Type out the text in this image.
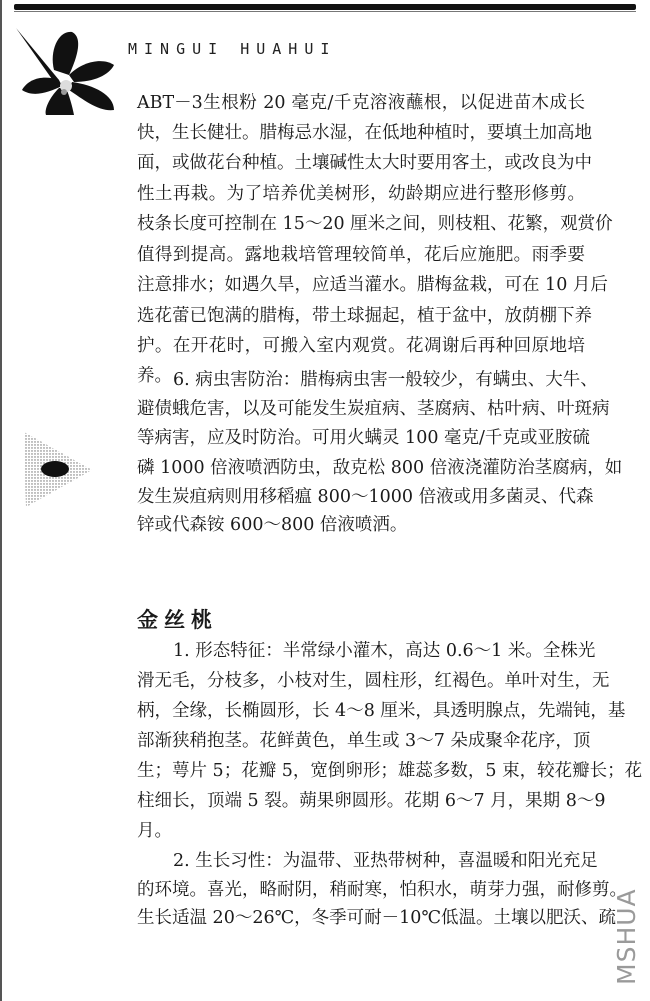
MINGUI HUAHUI
ABT－3生根粉 20 毫克/千克溶液蘸根，以促进苗木成长
快，生长健壮。腊梅忌水湿，在低地种植时，要填土加高地
面，或做花台种植。土壤碱性太大时要用客土，或改良为中
性土再栽。为了培养优美树形，幼龄期应进行整形修剪。
枝条长度可控制在 15～20 厘米之间，则枝粗、花繁，观赏价
值得到提高。露地栽培管理较简单，花后应施肥。雨季要
注意排水；如遇久旱，应适当灌水。腊梅盆栽，可在 10 月后
选花蕾已饱满的腊梅，带土球掘起，植于盆中，放荫棚下养
护。在开花时，可搬入室内观赏。花凋谢后再种回原地培
养。 6. 病虫害防治：腊梅病虫害一般较少，有螨虫、大牛、
避债蛾危害，以及可能发生炭疽病、茎腐病、枯叶病、叶斑病
等病害，应及时防治。可用火螨灵 100 毫克/千克或亚胺硫
磷 1000 倍液喷洒防虫，敌克松 800 倍液浇灌防治茎腐病，如
发生炭疽病则用移稻瘟 800～1000 倍液或用多菌灵、代森
锌或代森铵 600～800 倍液喷洒。
金丝桃
1. 形态特征：半常绿小灌木，高达 0.6～1 米。全株光
滑无毛，分枝多，小枝对生，圆柱形，红褐色。单叶对生，无
柄，全缘，长椭圆形，长 4～8 厘米，具透明腺点，先端钝，基
部渐狭稍抱茎。花鲜黄色，单生或 3～7 朵成聚伞花序，顶
生；萼片 5；花瓣 5，宽倒卵形；雄蕊多数，5 束，较花瓣长；花
柱细长，顶端 5 裂。蒴果卵圆形。花期 6～7 月，果期 8～9
月。
2. 生长习性：为温带、亚热带树种，喜温暖和阳光充足
的环境。喜光，略耐阴，稍耐寒，怕积水，萌芽力强，耐修剪。
生长适温 20～26℃，冬季可耐－10℃低温。土壤以肥沃、疏
MSHUA
